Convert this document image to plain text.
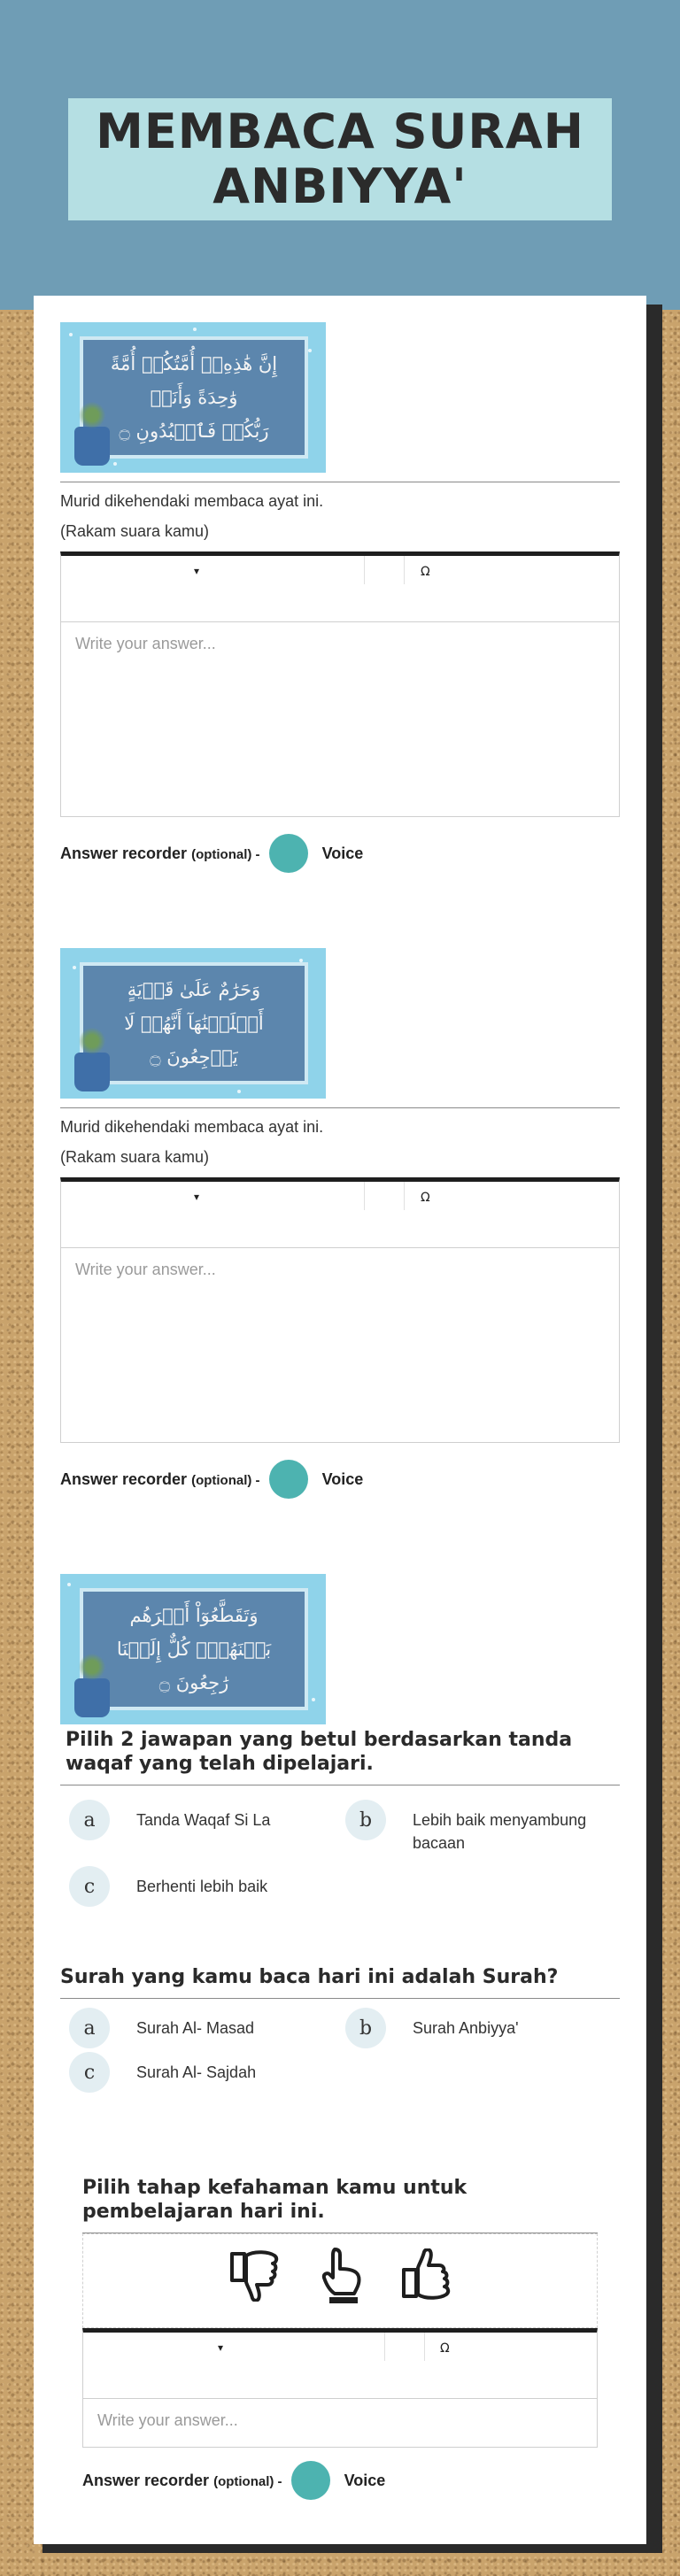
MEMBACA SURAH ANBIYYA'
إِنَّ هَٰذِهِۦٓ أُمَّتُكُمۡ أُمَّةً وَٰحِدَةً وَأَنَا۠
رَبُّكُمۡ فَٱعۡبُدُونِ ۝
Murid dikehendaki membaca ayat ini.
(Rakam suara kamu)
▾	Ω
Write your answer...
Answer recorder (optional) -	Voice
وَحَرَٰمٌ عَلَىٰ قَرۡيَةٍ أَهۡلَكۡنَٰهَآ أَنَّهُمۡ لَا
يَرۡجِعُونَ ۝
Murid dikehendaki membaca ayat ini.
(Rakam suara kamu)
▾	Ω
Write your answer...
Answer recorder (optional) -	Voice
وَتَقَطَّعُوٓاْ أَمۡرَهُم بَيۡنَهُمۡۖ كُلٌّ إِلَيۡنَا
رَٰجِعُونَ ۝
Pilih 2 jawapan yang betul berdasarkan tanda waqaf yang telah dipelajari.
a	Tanda Waqaf Si La	b	Lebih baik menyambung bacaan
c	Berhenti lebih baik
Surah yang kamu baca hari ini adalah Surah?
a	Surah Al- Masad	b	Surah Anbiyya'
c	Surah Al- Sajdah
Pilih tahap kefahaman kamu untuk pembelajaran hari ini.
▾	Ω
Write your answer...
Answer recorder (optional) -	Voice
